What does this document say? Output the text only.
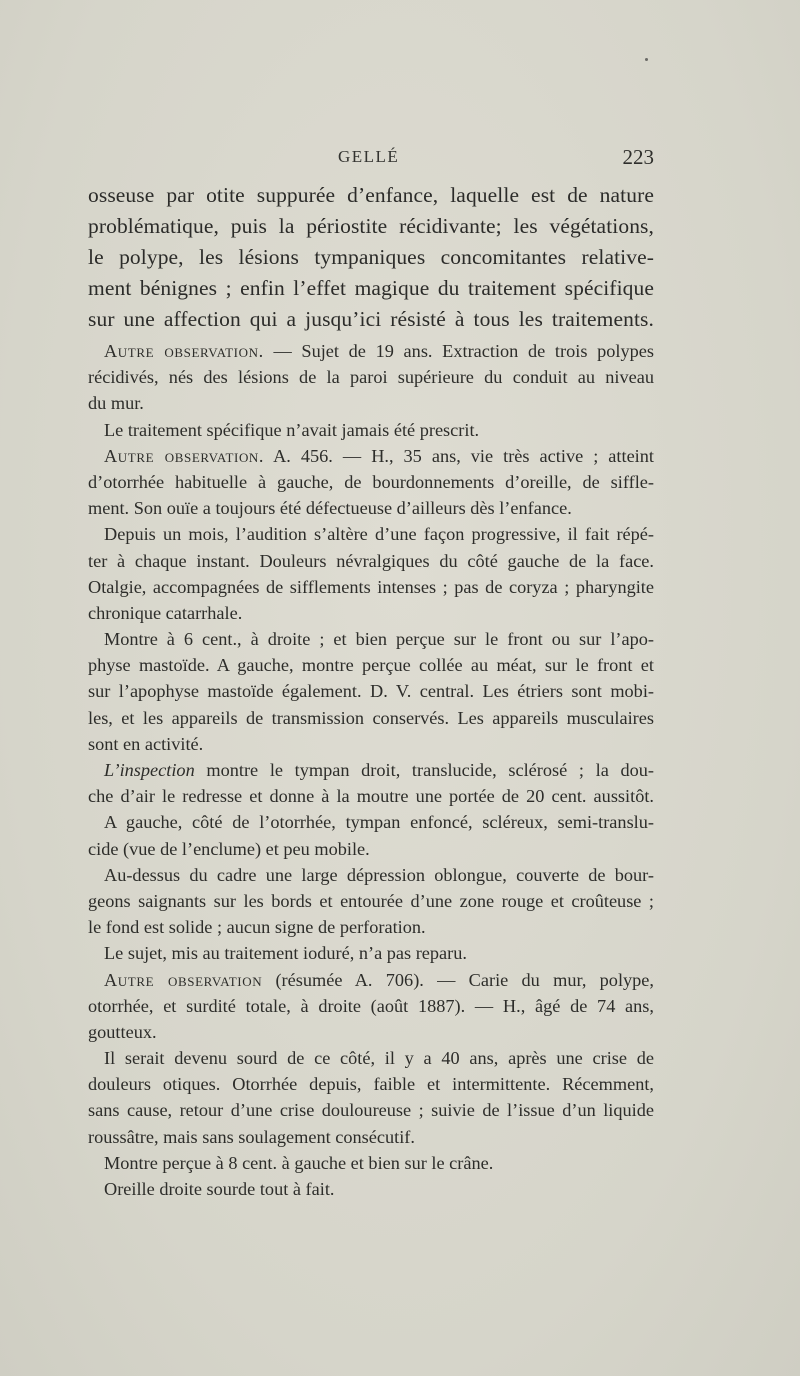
GELLÉ	223
osseuse par otite suppurée d’enfance, laquelle est de nature
problématique, puis la périostite récidivante; les végétations,
le polype, les lésions tympaniques concomitantes relative-
ment bénignes ; enfin l’effet magique du traitement spécifique
sur une affection qui a jusqu’ici résisté à tous les traitements.
Autre observation. — Sujet de 19 ans. Extraction de trois polypes
récidivés, nés des lésions de la paroi supérieure du conduit au niveau
du mur.
Le traitement spécifique n’avait jamais été prescrit.
Autre observation. A. 456. — H., 35 ans, vie très active ; atteint
d’otorrhée habituelle à gauche, de bourdonnements d’oreille, de siffle-
ment. Son ouïe a toujours été défectueuse d’ailleurs dès l’enfance.
Depuis un mois, l’audition s’altère d’une façon progressive, il fait répé-
ter à chaque instant. Douleurs névralgiques du côté gauche de la face.
Otalgie, accompagnées de sifflements intenses ; pas de coryza ; pharyngite
chronique catarrhale.
Montre à 6 cent., à droite ; et bien perçue sur le front ou sur l’apo-
physe mastoïde. A gauche, montre perçue collée au méat, sur le front et
sur l’apophyse mastoïde également. D. V. central. Les étriers sont mobi-
les, et les appareils de transmission conservés. Les appareils musculaires
sont en activité.
L’inspection montre le tympan droit, translucide, sclérosé ; la dou-
che d’air le redresse et donne à la moutre une portée de 20 cent. aussitôt.
A gauche, côté de l’otorrhée, tympan enfoncé, scléreux, semi-translu-
cide (vue de l’enclume) et peu mobile.
Au-dessus du cadre une large dépression oblongue, couverte de bour-
geons saignants sur les bords et entourée d’une zone rouge et croûteuse ;
le fond est solide ; aucun signe de perforation.
Le sujet, mis au traitement ioduré, n’a pas reparu.
Autre observation (résumée A. 706). — Carie du mur, polype,
otorrhée, et surdité totale, à droite (août 1887). — H., âgé de 74 ans,
goutteux.
Il serait devenu sourd de ce côté, il y a 40 ans, après une crise de
douleurs otiques. Otorrhée depuis, faible et intermittente. Récemment,
sans cause, retour d’une crise douloureuse ; suivie de l’issue d’un liquide
roussâtre, mais sans soulagement consécutif.
Montre perçue à 8 cent. à gauche et bien sur le crâne.
Oreille droite sourde tout à fait.
